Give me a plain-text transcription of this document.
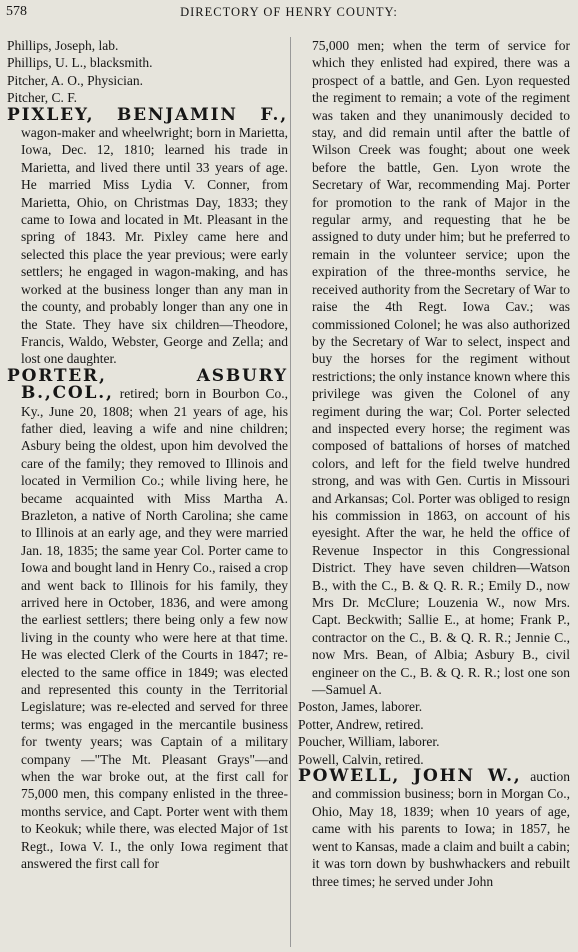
578	DIRECTORY OF HENRY COUNTY:

Phillips, Joseph, lab.

Phillips, U. L., blacksmith.

Pitcher, A. O., Physician.

Pitcher, C. F.

PIXLEY, BENJAMIN F., wagon-maker and wheelwright; born in Marietta, Iowa, Dec. 12, 1810; learned his trade in Marietta, and lived there until 33 years of age. He married Miss Lydia V. Conner, from Marietta, Ohio, on Christmas Day, 1833; they came to Iowa and located in Mt. Pleasant in the spring of 1843. Mr. Pixley came here and selected this place the year previous; were early settlers; he engaged in wagon-making, and has worked at the business longer than any man in the county, and probably longer than any one in the State. They have six children—Theodore, Francis, Waldo, Webster, George and Zella; and lost one daughter.

PORTER, ASBURY B.,COL., retired; born in Bourbon Co., Ky., June 20, 1808; when 21 years of age, his father died, leaving a wife and nine children; Asbury being the oldest, upon him devolved the care of the family; they removed to Illinois and located in Vermilion Co.; while living here, he became acquainted with Miss Martha A. Brazleton, a native of North Carolina; she came to Illinois at an early age, and they were married Jan. 18, 1835; the same year Col. Porter came to Iowa and bought land in Henry Co., raised a crop and went back to Illinois for his family, they arrived here in October, 1836, and were among the earliest settlers; there being only a few now living in the county who were here at that time. He was elected Clerk of the Courts in 1847; re-elected to the same office in 1849; was elected and represented this county in the Territorial Legislature; was re-elected and served for three terms; was engaged in the mercantile business for twenty years; was Captain of a military company —"The Mt. Pleasant Grays"—and when the war broke out, at the first call for 75,000 men, this company enlisted in the three-months service, and Capt. Porter went with them to Keokuk; while there, was elected Major of 1st Regt., Iowa V. I., the only Iowa regiment that answered the first call for

75,000 men; when the term of service for which they enlisted had expired, there was a prospect of a battle, and Gen. Lyon requested the regiment to remain; a vote of the regiment was taken and they unanimously decided to stay, and did remain until after the battle of Wilson Creek was fought; about one week before the battle, Gen. Lyon wrote the Secretary of War, recommending Maj. Porter for promotion to the rank of Major in the regular army, and requesting that he be assigned to duty under him; but he preferred to remain in the volunteer service; upon the expiration of the three-months service, he received authority from the Secretary of War to raise the 4th Regt. Iowa Cav.; was commissioned Colonel; he was also authorized by the Secretary of War to select, inspect and buy the horses for the regiment without restrictions; the only instance known where this privilege was given the Colonel of any regiment during the war; Col. Porter selected and inspected every horse; the regiment was composed of battalions of horses of matched colors, and left for the field twelve hundred strong, and was with Gen. Curtis in Missouri and Arkansas; Col. Porter was obliged to resign his commission in 1863, on account of his eyesight. After the war, he held the office of Revenue Inspector in this Congressional District. They have seven children—Watson B., with the C., B. & Q. R. R.; Emily D., now Mrs Dr. McClure; Louzenia W., now Mrs. Capt. Beckwith; Sallie E., at home; Frank P., contractor on the C., B. & Q. R. R.; Jennie C., now Mrs. Bean, of Albia; Asbury B., civil engineer on the C., B. & Q. R. R.; lost one son—Samuel A.

Poston, James, laborer.

Potter, Andrew, retired.

Poucher, William, laborer.

Powell, Calvin, retired.

POWELL, JOHN W., auction and commission business; born in Morgan Co., Ohio, May 18, 1839; when 10 years of age, came with his parents to Iowa; in 1857, he went to Kansas, made a claim and built a cabin; it was torn down by bushwhackers and rebuilt three times; he served under John
